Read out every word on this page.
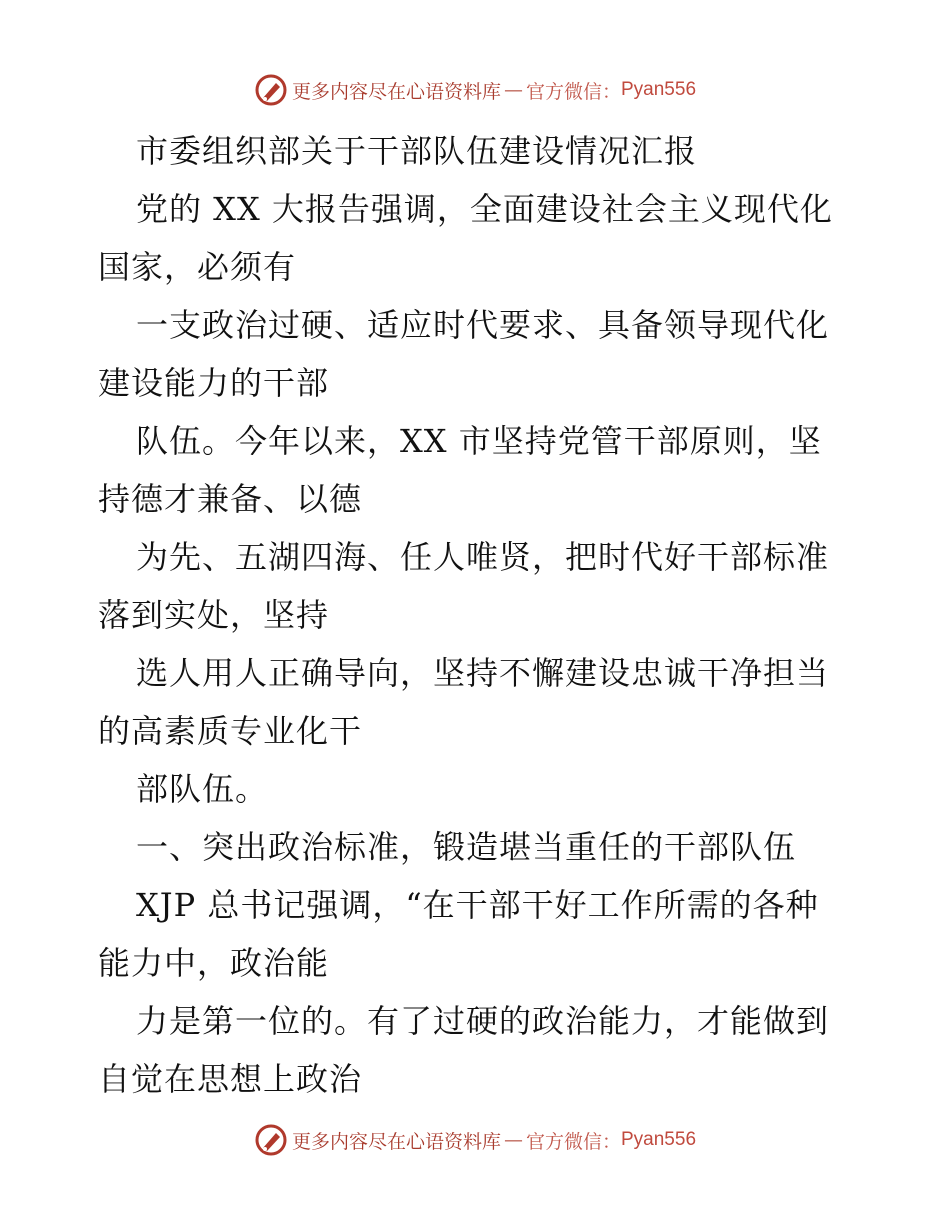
更多内容尽在心语资料库 — 官方微信： Pyan556
市委组织部关于干部队伍建设情况汇报
党的 XX 大报告强调，全面建设社会主义现代化
国家，必须有
一支政治过硬、适应时代要求、具备领导现代化
建设能力的干部
队伍。今年以来，XX 市坚持党管干部原则，坚
持德才兼备、以德
为先、五湖四海、任人唯贤，把时代好干部标准
落到实处，坚持
选人用人正确导向，坚持不懈建设忠诚干净担当
的高素质专业化干
部队伍。
一、突出政治标准，锻造堪当重任的干部队伍
XJP 总书记强调，“在干部干好工作所需的各种
能力中，政治能
力是第一位的。有了过硬的政治能力，才能做到
自觉在思想上政治
更多内容尽在心语资料库 — 官方微信： Pyan556
